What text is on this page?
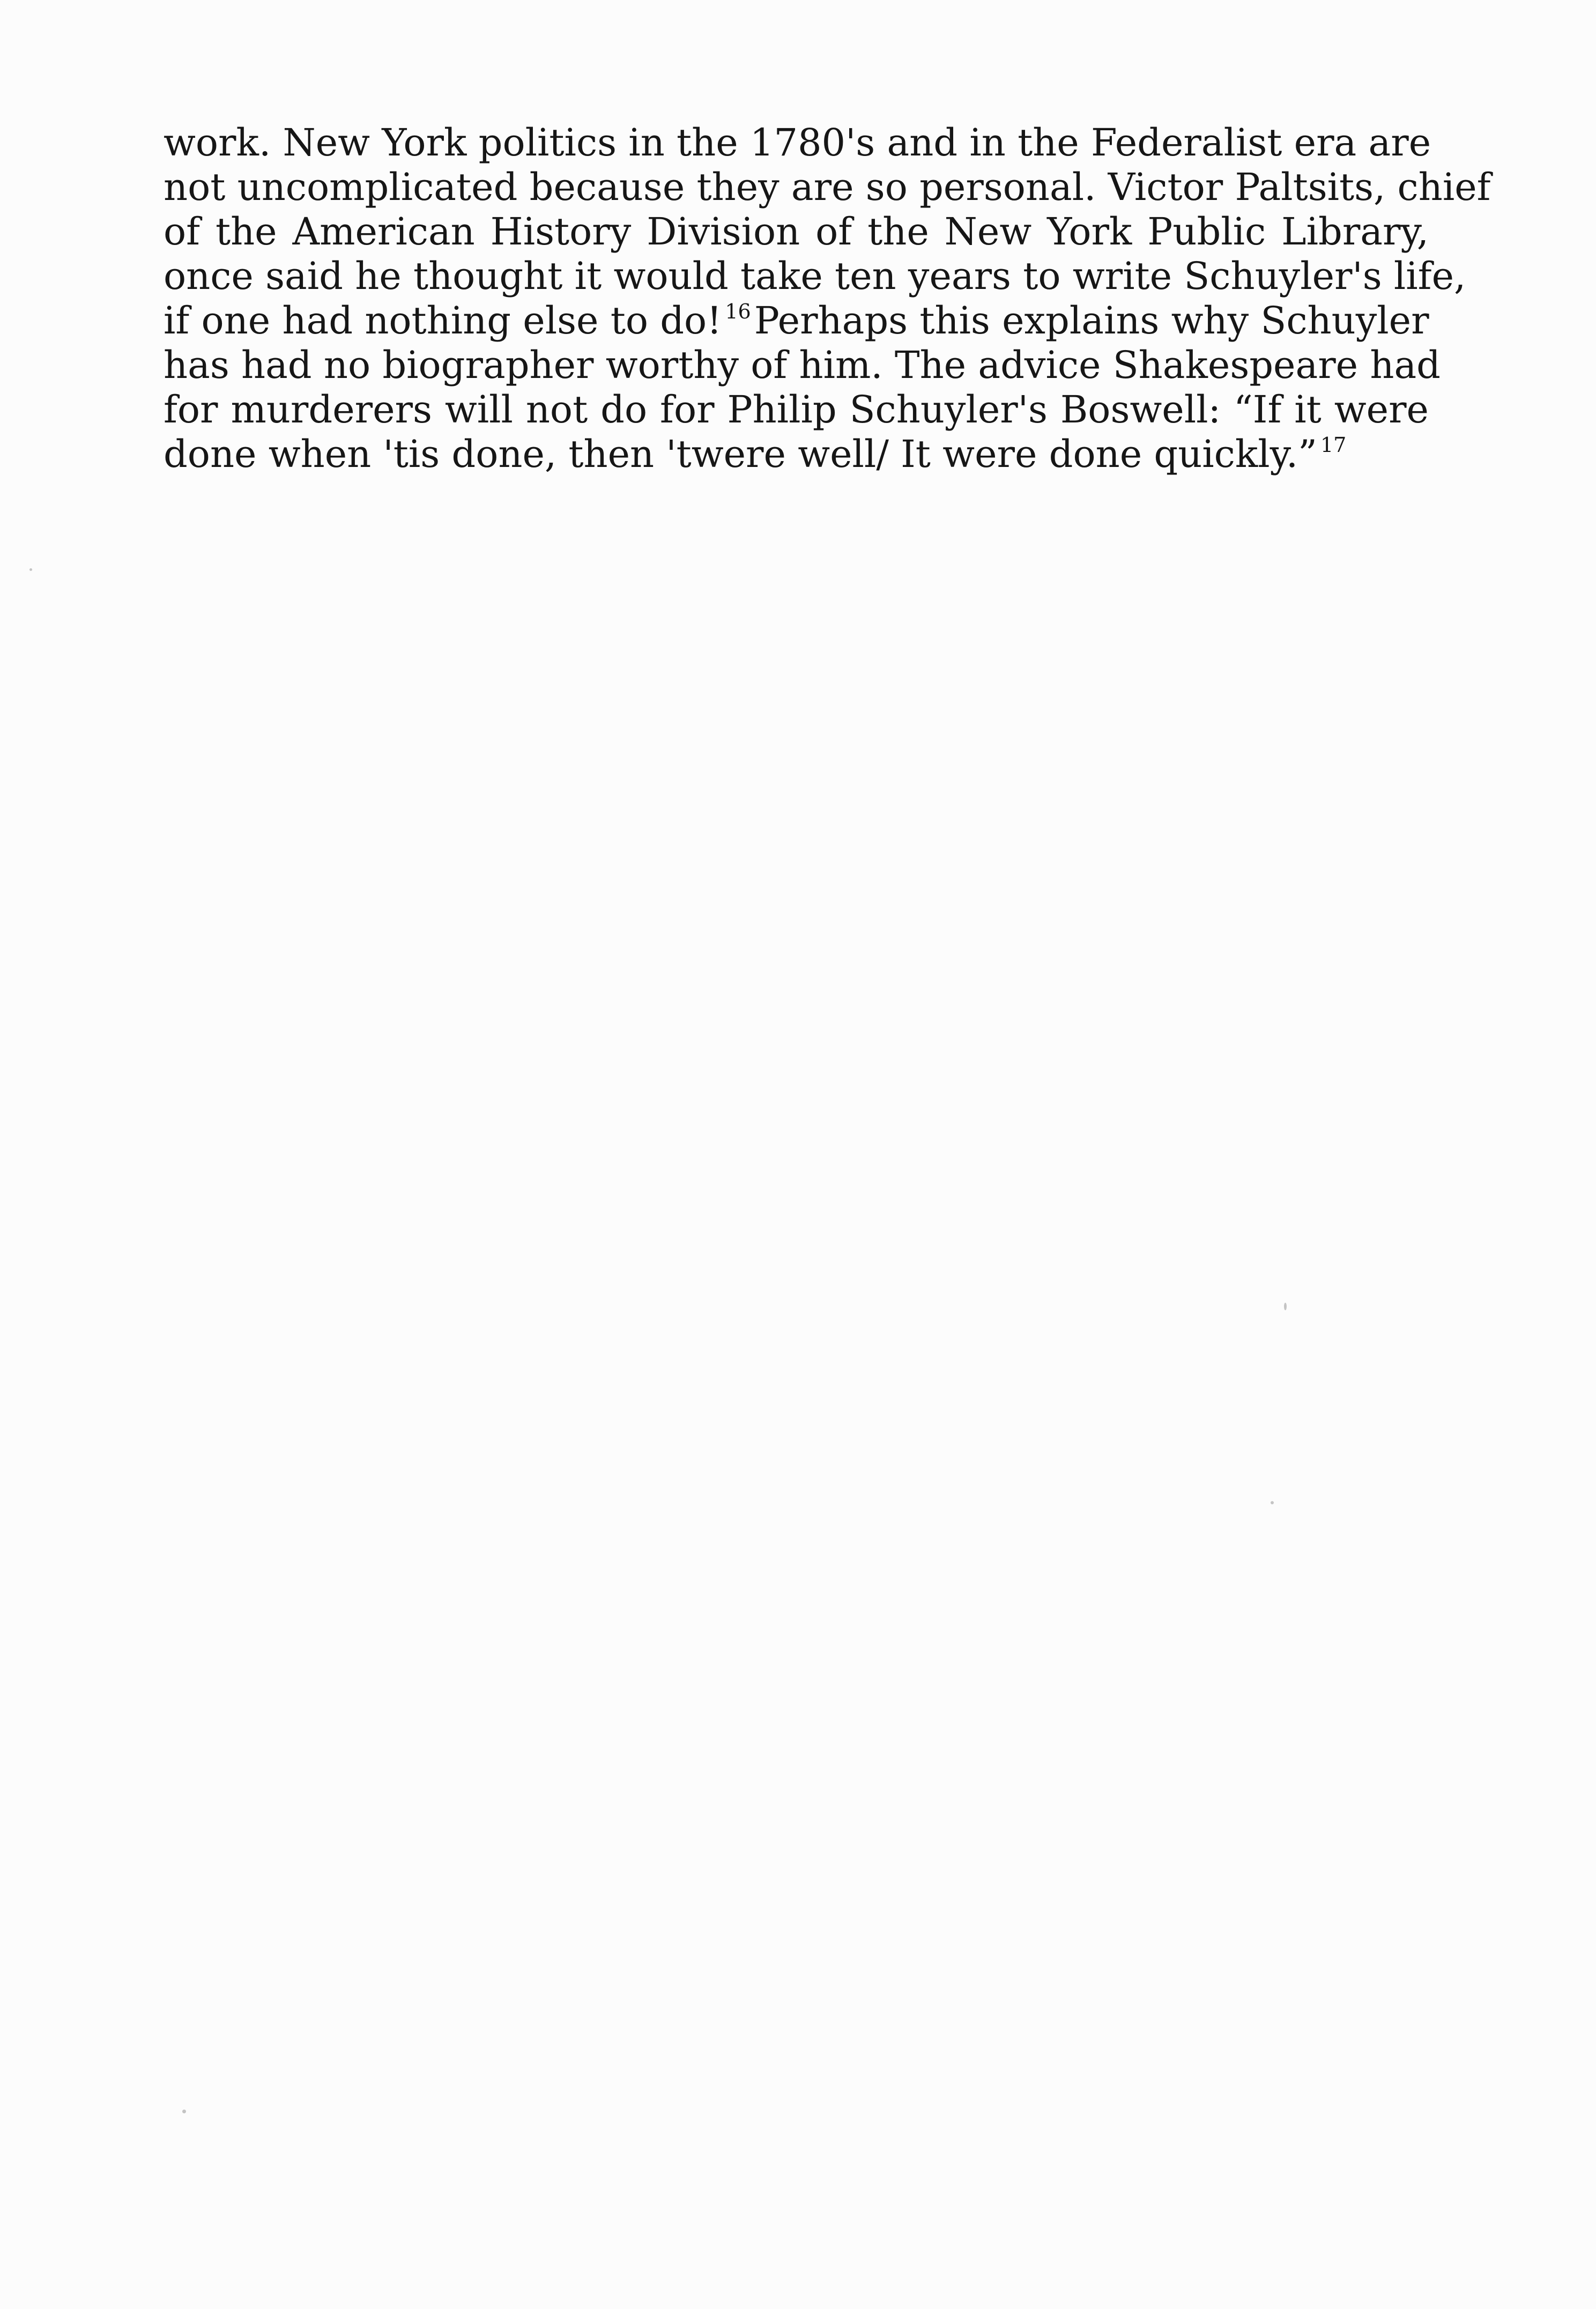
work. New York politics in the 1780's and in the Federalist era are
not uncomplicated because they are so personal. Victor Paltsits, chief
of the American History Division of the New York Public Library,
once said he thought it would take ten years to write Schuyler's life,
if one had nothing else to do! $^{16}$Perhaps this explains why Schuyler
has had no biographer worthy of him. The advice Shakespeare had
for murderers will not do for Philip Schuyler's Boswell: “If it were
done when 'tis done, then 'twere well/ It were done quickly.” $^{17}$
